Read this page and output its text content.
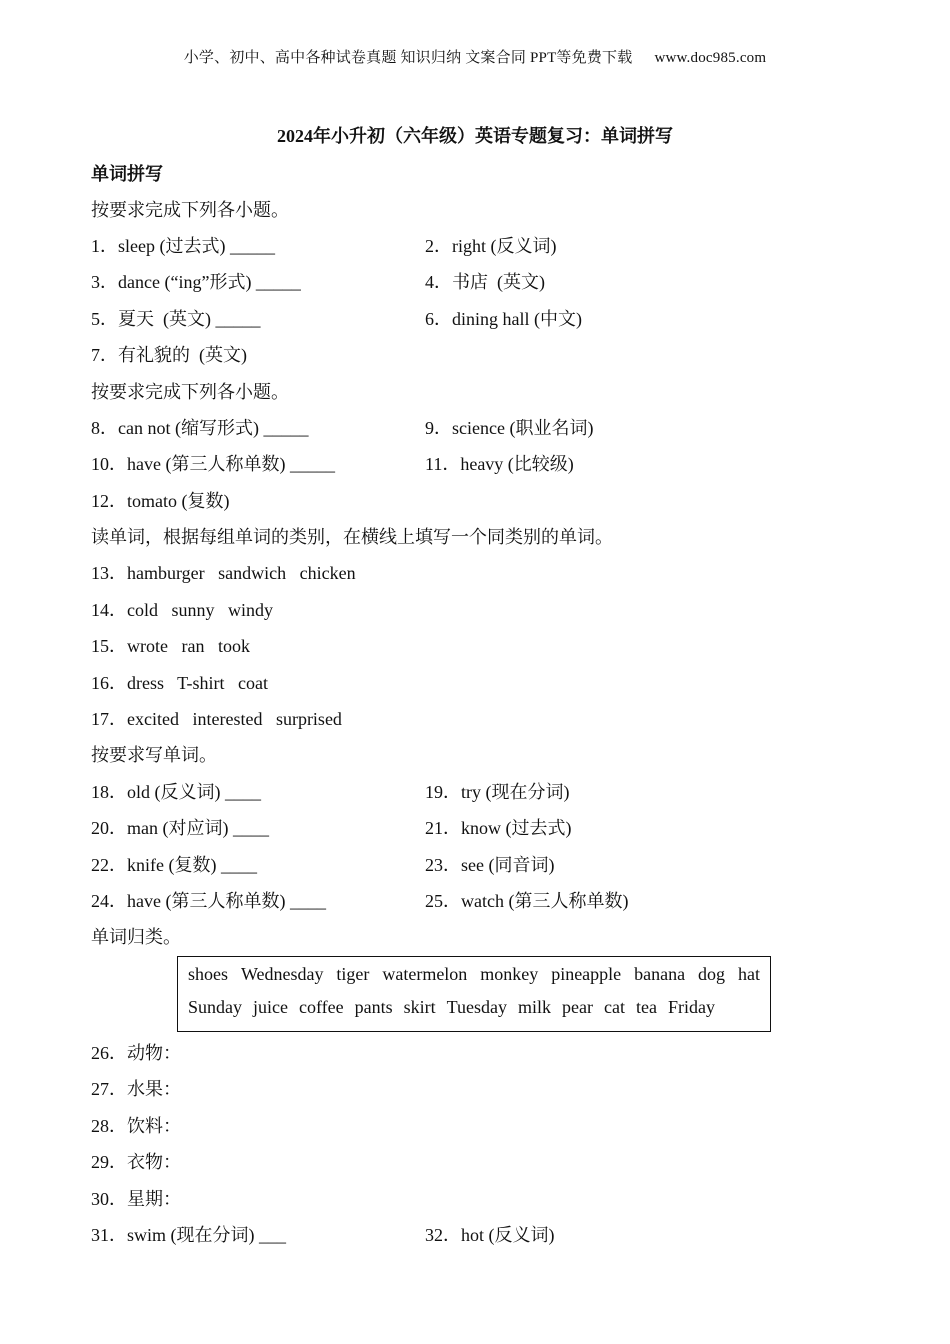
小学、初中、高中各种试卷真题 知识归纳 文案合同 PPT等免费下载 www.doc985.com
2024年小升初（六年级）英语专题复习：单词拼写
单词拼写
按要求完成下列各小题。
1．sleep (过去式) _____	2．right (反义词)
3．dance (“ing”形式) _____	4．书店  (英文)
5．夏天  (英文) _____	6．dining hall (中文)
7．有礼貌的  (英文)
按要求完成下列各小题。
8．can not (缩写形式) _____	9．science (职业名词)
10．have (第三人称单数) _____	11．heavy (比较级)
12．tomato (复数)
读单词，根据每组单词的类别，在横线上填写一个同类别的单词。
13．hamburger   sandwich   chicken
14．cold   sunny   windy
15．wrote   ran   took
16．dress   T-shirt   coat
17．excited   interested   surprised
按要求写单词。
18．old (反义词) ____	19．try (现在分词)
20．man (对应词) ____	21．know (过去式)
22．knife (复数) ____	23．see (同音词)
24．have (第三人称单数) ____	25．watch (第三人称单数)
单词归类。
shoes Wednesday tiger watermelon monkey pineapple banana dog hat
Sunday juice coffee pants skirt Tuesday milk pear cat tea Friday
26．动物：
27．水果：
28．饮料：
29．衣物：
30．星期：
31．swim (现在分词) ___	32．hot (反义词)
